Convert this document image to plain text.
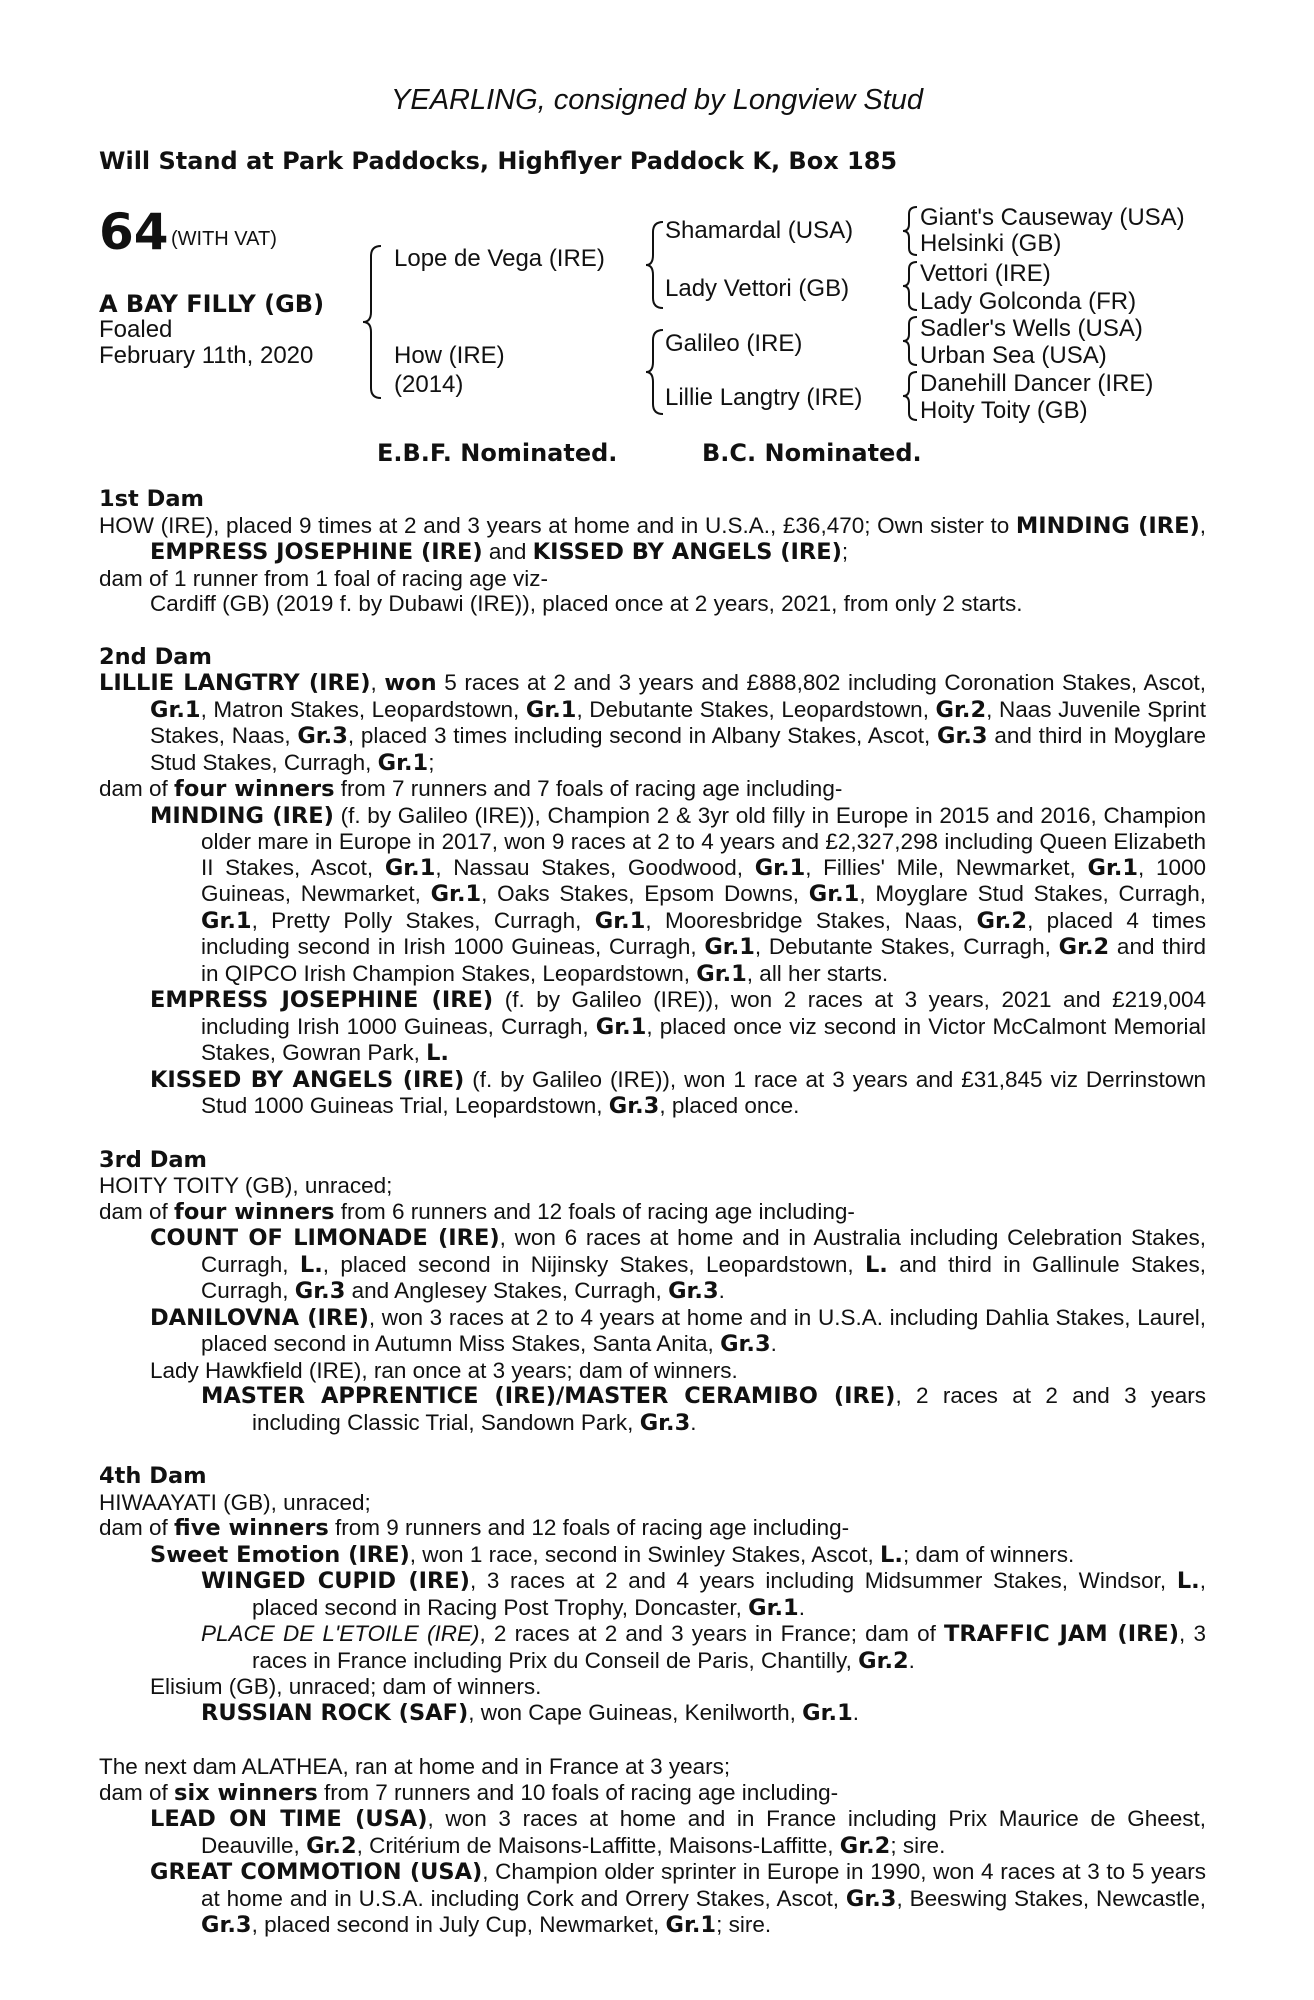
YEARLING, consigned by Longview Stud
Will Stand at Park Paddocks, Highflyer Paddock K, Box 185
64 (WITH VAT)
A BAY FILLY (GB)
Foaled
February 11th, 2020
Lope de Vega (IRE)
How (IRE)
(2014)
Shamardal (USA)
Lady Vettori (GB)
Galileo (IRE)
Lillie Langtry (IRE)
Giant's Causeway (USA)
Helsinki (GB)
Vettori (IRE)
Lady Golconda (FR)
Sadler's Wells (USA)
Urban Sea (USA)
Danehill Dancer (IRE)
Hoity Toity (GB)
E.B.F. Nominated.	B.C. Nominated.
1st Dam
HOW (IRE), placed 9 times at 2 and 3 years at home and in U.S.A., £36,470; Own sister to MINDING (IRE), EMPRESS JOSEPHINE (IRE) and KISSED BY ANGELS (IRE);
dam of 1 runner from 1 foal of racing age viz-
Cardiff (GB) (2019 f. by Dubawi (IRE)), placed once at 2 years, 2021, from only 2 starts.
2nd Dam
LILLIE LANGTRY (IRE), won 5 races at 2 and 3 years and £888,802 including Coronation Stakes, Ascot, Gr.1, Matron Stakes, Leopardstown, Gr.1, Debutante Stakes, Leopardstown, Gr.2, Naas Juvenile Sprint Stakes, Naas, Gr.3, placed 3 times including second in Albany Stakes, Ascot, Gr.3 and third in Moyglare Stud Stakes, Curragh, Gr.1;
dam of four winners from 7 runners and 7 foals of racing age including-
MINDING (IRE) (f. by Galileo (IRE)), Champion 2 & 3yr old filly in Europe in 2015 and 2016, Champion older mare in Europe in 2017, won 9 races at 2 to 4 years and £2,327,298 including Queen Elizabeth II Stakes, Ascot, Gr.1, Nassau Stakes, Goodwood, Gr.1, Fillies' Mile, Newmarket, Gr.1, 1000 Guineas, Newmarket, Gr.1, Oaks Stakes, Epsom Downs, Gr.1, Moyglare Stud Stakes, Curragh, Gr.1, Pretty Polly Stakes, Curragh, Gr.1, Mooresbridge Stakes, Naas, Gr.2, placed 4 times including second in Irish 1000 Guineas, Curragh, Gr.1, Debutante Stakes, Curragh, Gr.2 and third in QIPCO Irish Champion Stakes, Leopardstown, Gr.1, all her starts.
EMPRESS JOSEPHINE (IRE) (f. by Galileo (IRE)), won 2 races at 3 years, 2021 and £219,004 including Irish 1000 Guineas, Curragh, Gr.1, placed once viz second in Victor McCalmont Memorial Stakes, Gowran Park, L.
KISSED BY ANGELS (IRE) (f. by Galileo (IRE)), won 1 race at 3 years and £31,845 viz Derrinstown Stud 1000 Guineas Trial, Leopardstown, Gr.3, placed once.
3rd Dam
HOITY TOITY (GB), unraced;
dam of four winners from 6 runners and 12 foals of racing age including-
COUNT OF LIMONADE (IRE), won 6 races at home and in Australia including Celebration Stakes, Curragh, L., placed second in Nijinsky Stakes, Leopardstown, L. and third in Gallinule Stakes, Curragh, Gr.3 and Anglesey Stakes, Curragh, Gr.3.
DANILOVNA (IRE), won 3 races at 2 to 4 years at home and in U.S.A. including Dahlia Stakes, Laurel, placed second in Autumn Miss Stakes, Santa Anita, Gr.3.
Lady Hawkfield (IRE), ran once at 3 years; dam of winners.
MASTER APPRENTICE (IRE)/MASTER CERAMIBO (IRE), 2 races at 2 and 3 years including Classic Trial, Sandown Park, Gr.3.
4th Dam
HIWAAYATI (GB), unraced;
dam of five winners from 9 runners and 12 foals of racing age including-
Sweet Emotion (IRE), won 1 race, second in Swinley Stakes, Ascot, L.; dam of winners.
WINGED CUPID (IRE), 3 races at 2 and 4 years including Midsummer Stakes, Windsor, L., placed second in Racing Post Trophy, Doncaster, Gr.1.
PLACE DE L'ETOILE (IRE), 2 races at 2 and 3 years in France; dam of TRAFFIC JAM (IRE), 3 races in France including Prix du Conseil de Paris, Chantilly, Gr.2.
Elisium (GB), unraced; dam of winners.
RUSSIAN ROCK (SAF), won Cape Guineas, Kenilworth, Gr.1.
The next dam ALATHEA, ran at home and in France at 3 years;
dam of six winners from 7 runners and 10 foals of racing age including-
LEAD ON TIME (USA), won 3 races at home and in France including Prix Maurice de Gheest, Deauville, Gr.2, Critérium de Maisons-Laffitte, Maisons-Laffitte, Gr.2; sire.
GREAT COMMOTION (USA), Champion older sprinter in Europe in 1990, won 4 races at 3 to 5 years at home and in U.S.A. including Cork and Orrery Stakes, Ascot, Gr.3, Beeswing Stakes, Newcastle, Gr.3, placed second in July Cup, Newmarket, Gr.1; sire.
